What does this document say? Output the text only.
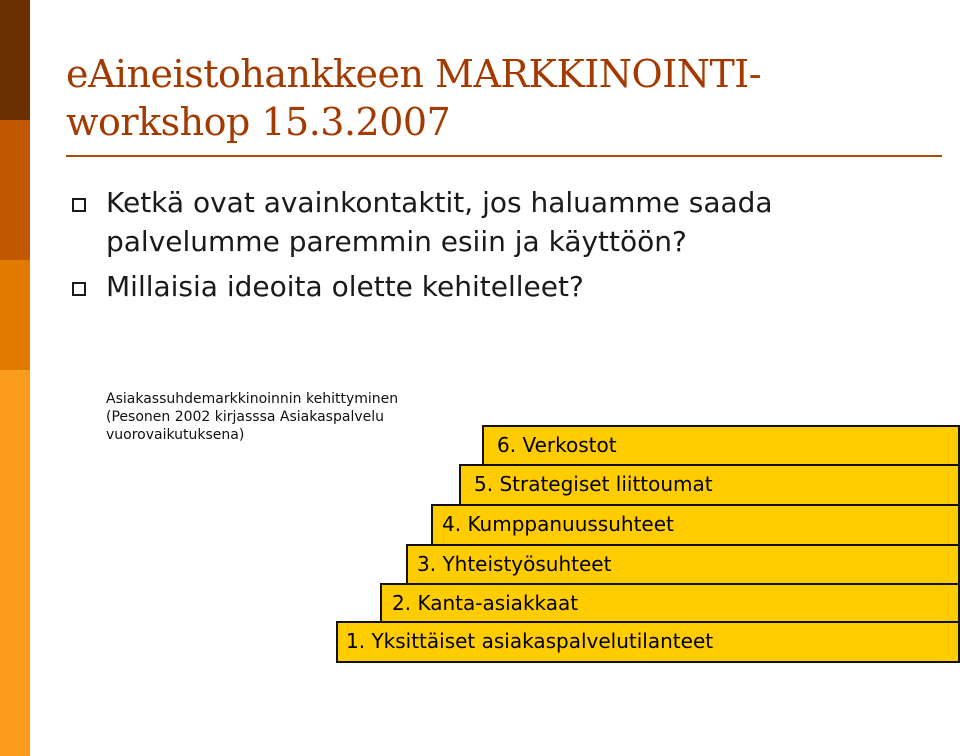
eAineistohankkeen MARKKINOINTI- workshop 15.3.2007
Ketkä ovat avainkontaktit, jos haluamme saada palvelumme paremmin esiin ja käyttöön?
Millaisia ideoita olette kehitelleet?
Asiakassuhdemarkkinoinnin kehittyminen (Pesonen 2002 kirjasssa Asiakaspalvelu vuorovaikutuksena)	6. Verkostot
5. Strategiset liittoumat
4. Kumppanuussuhteet
3. Yhteistyösuhteet
2. Kanta-asiakkaat
1. Yksittäiset asiakaspalvelutilanteet
